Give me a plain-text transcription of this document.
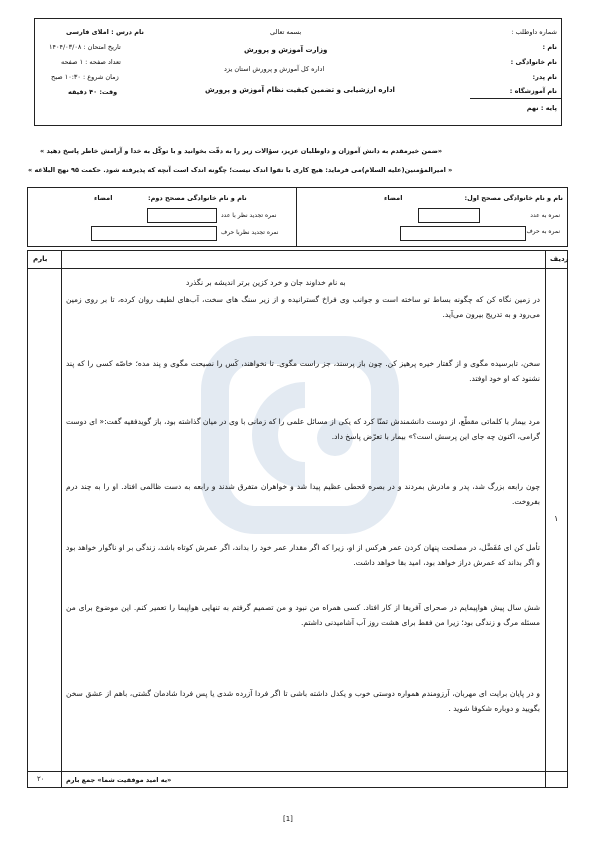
شماره داوطلب :
نام :
نام خانوادگی :
نام پدر:
نام آموزشگاه :
پایه : نهم
بسمه تعالی
وزارت آموزش و پرورش
اداره کل آموزش و پرورش استان یزد
اداره ارزشیابی و تضمین کیفیت نظام آموزش و پرورش
نام درس : املای فارسی
تاریخ امتحان : ۱۴۰۴/۰۳/۰۸
تعداد صفحه : ۱ صفحه
زمان شروع : ۱۰:۳۰ صبح
وقت: ۴۰ دقیقه
«ضمن خیرمقدم به دانش آموزان و داوطلبان عزیز، سؤالات زیر را به دقّت بخوانید و با توکّل به خدا و آرامش خاطر پاسخ دهید »
« امیرالمؤمنین(علیه السلام)می فرماید: هیچ کاری با تقوا اندک نیست؛ چگونه اندک است آنچه که پذیرفته شود. حکمت ۹۵ نهج البلاغه »
نام و نام خانوادگی مصحح اول:
امضاء
نمره به عدد
نمره به حرف
نام و نام خانوادگی مصحح دوم:
امضاء
نمره تجدید نظر با عدد
نمره تجدید نظربا حرف
ردیف
بارم
۱
۲۰	«به امید موفقیت شما» جمع بارم
به نام خداوند جان و خرد کزین برتر اندیشه بر نگذرد
در زمین نگاه کن که چگونه بساط تو ساخته است و جوانب وی فراخ گسترانیده و از زیر سنگ های سخت، آب‌های لطیف روان کرده، تا بر روی زمین می‌رود و به تدریج بیرون می‌آید.
سخن، تابرسیده مگوی و از گفتار خیره پرهیز کن. چون باز پرسند، جز راست مگوی. تا نخواهند، کَس را نصیحت مگوی و پند مده؛ خاصّه کسی را که پند نشنود که او خود اوفتد.
مرد بیمار با کلماتی مقطّع، از دوست دانشمندش تمنّا کرد که یکی از مسائل علمی را که زمانی با وی در میان گذاشته بود، باز گویدفقیه گفت:« ای دوست گرامی، اکنون چه جای این پرسش است؟» بیمار با تعرّض پاسخ داد.
چون رابعه بزرگ شد، پدر و مادرش بمردند و در بصره قحطی عظیم پیدا شد و خواهران متفرق شدند و رابعه به دست ظالمی افتاد. او را به چند درم بفروخت.
تأمل کن ای مُفَضَّل، در مصلحت پنهان کردن عمر هرکس از او، زیرا که اگر مقدار عمر خود را بداند، اگر عمرش کوتاه باشد، زندگی بر او ناگوار خواهد بود و اگر بداند که عمرش دراز خواهد بود، امید بقا خواهد داشت.
شش سال پیش هواپیمایم در صحرای آفریقا از کار افتاد. کسی همراه من نبود و من تصمیم گرفتم به تنهایی هواپیما را تعمیر کنم. این موضوع برای من مسئله مرگ و زندگی بود؛ زیرا من فقط برای هشت روز آب آشامیدنی داشتم.
و در پایان برایت ای مهربان، آرزومندم همواره دوستی خوب و یکدل داشته باشی تا اگر فردا آزرده شدی یا پس فردا شادمان گشتی، باهم از عشق سخن بگویید و دوباره شکوفا شوید .
[1]
